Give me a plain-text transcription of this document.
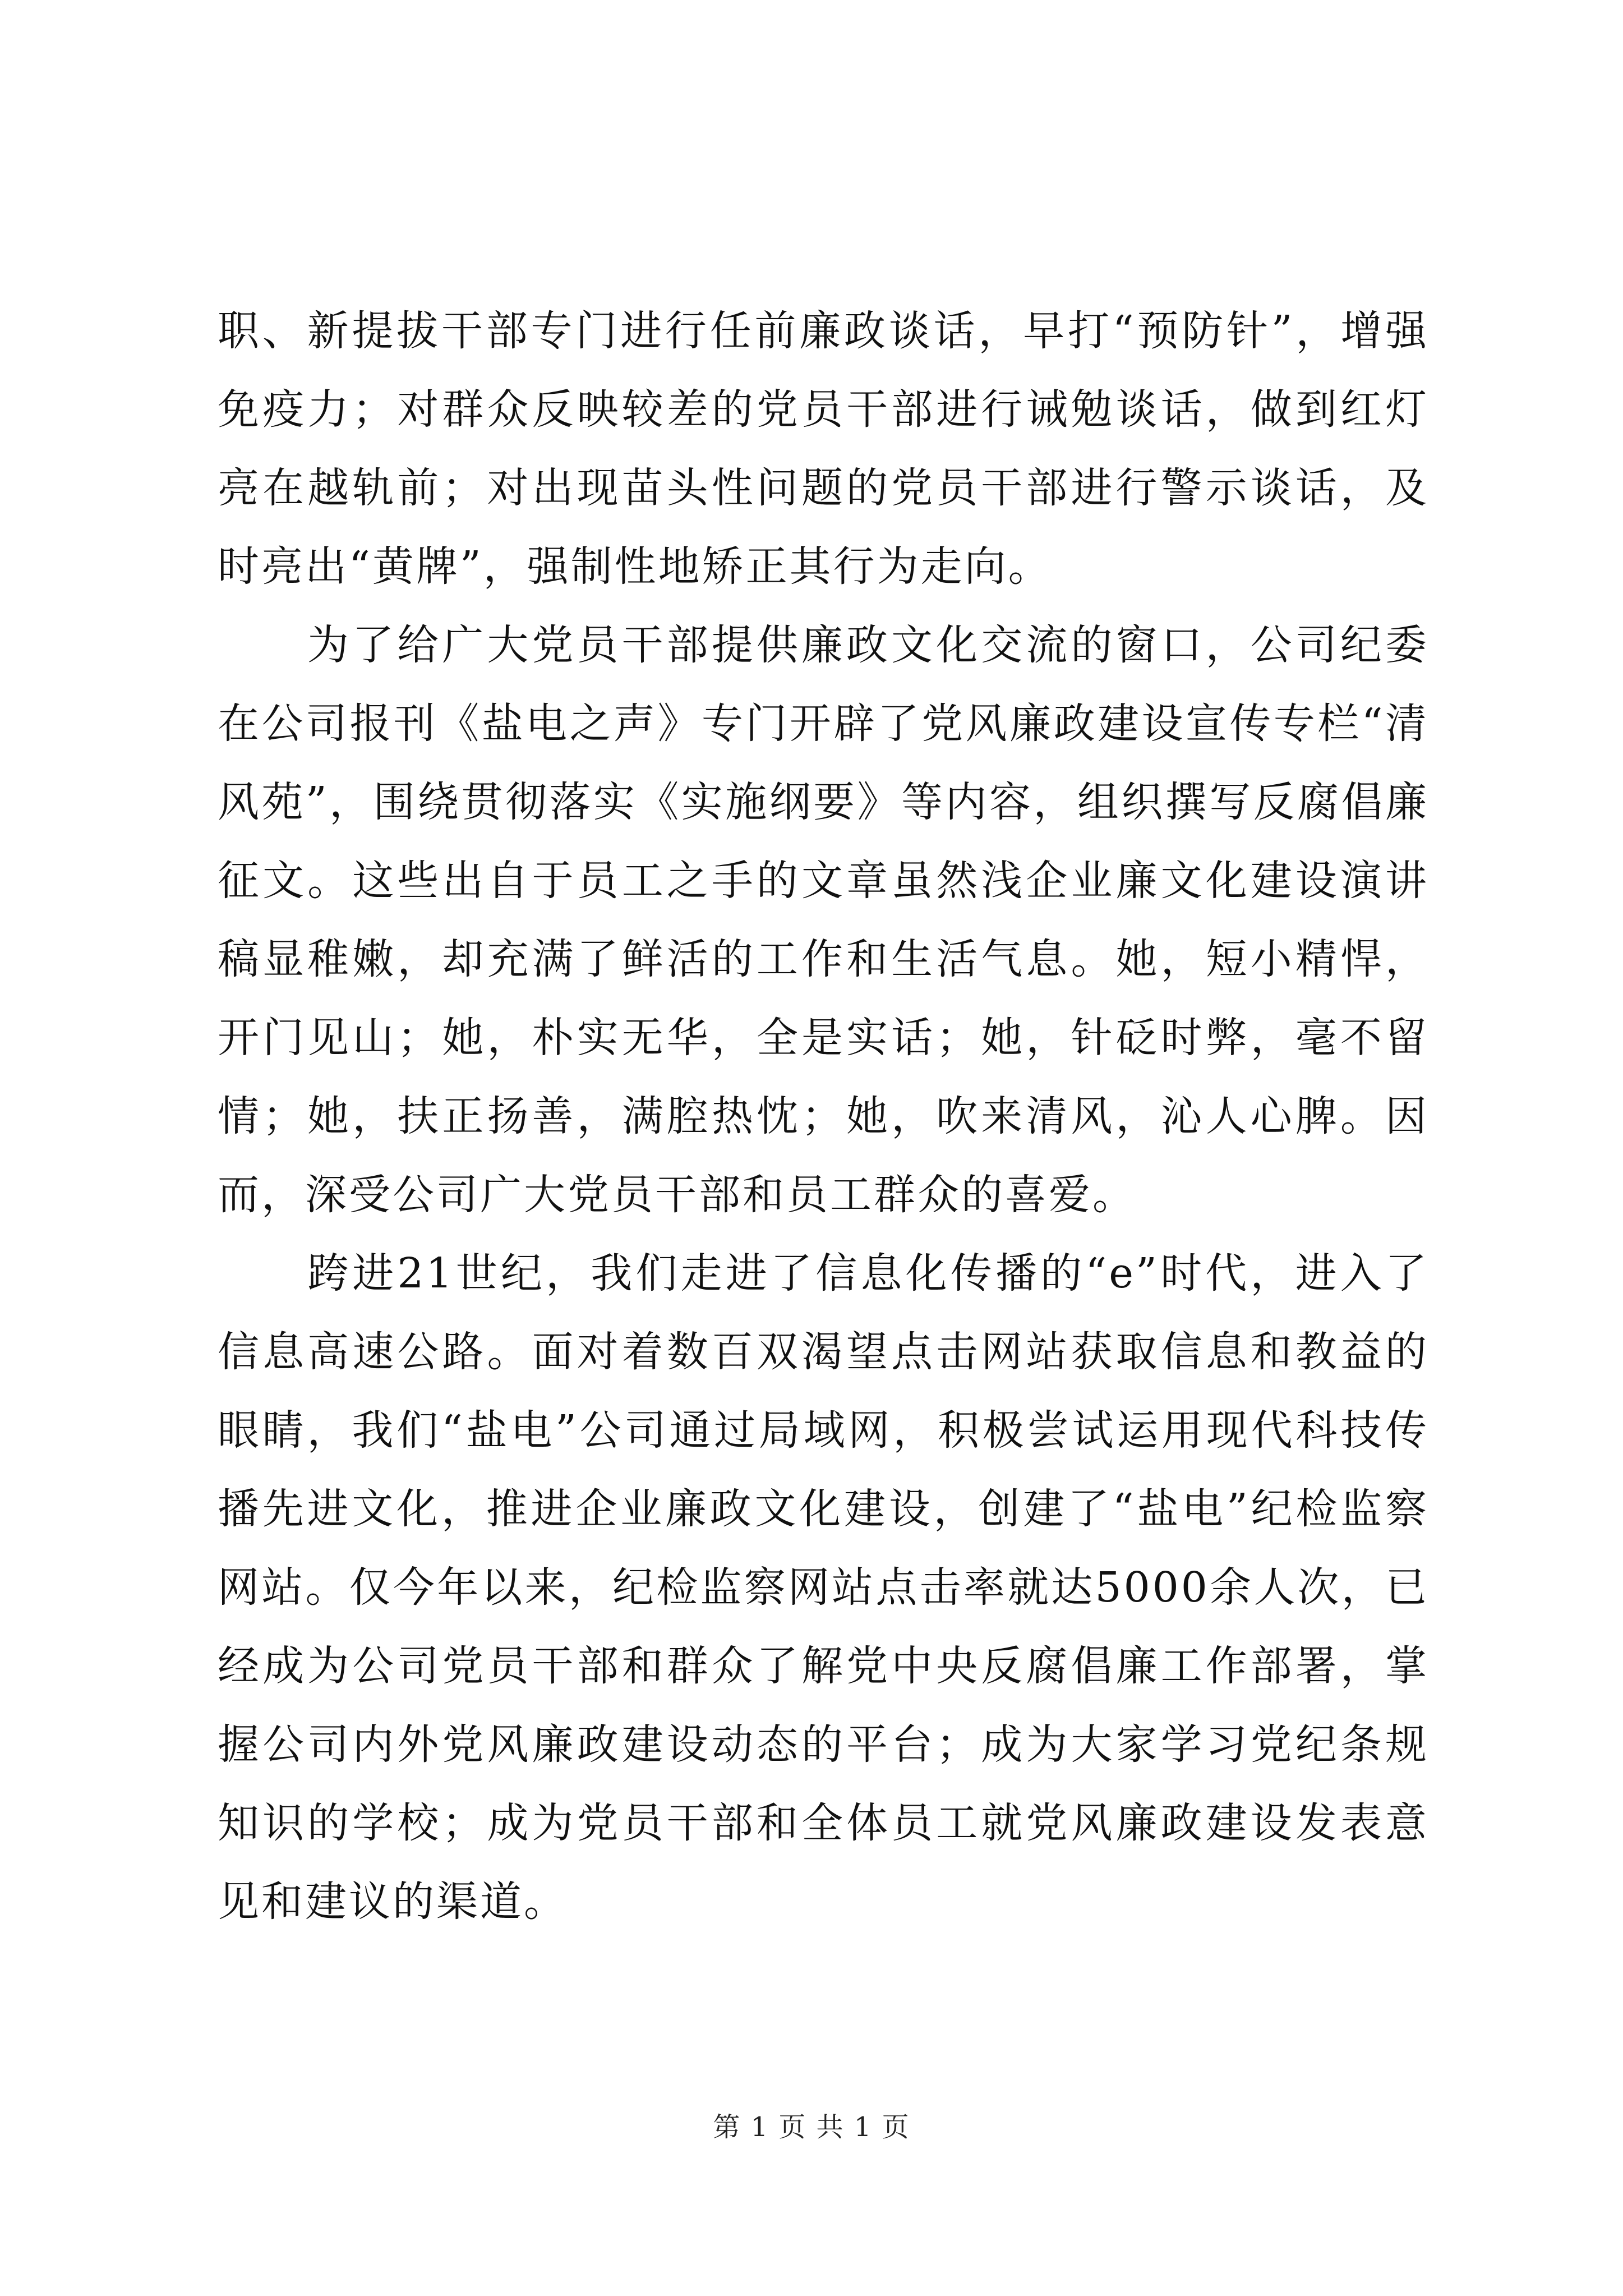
职、新提拔干部专门进行任前廉政谈话，早打“预防针”，增强免疫力；对群众反映较差的党员干部进行诫勉谈话，做到红灯亮在越轨前；对出现苗头性问题的党员干部进行警示谈话，及时亮出“黄牌”，强制性地矫正其行为走向。

为了给广大党员干部提供廉政文化交流的窗口，公司纪委在公司报刊《盐电之声》专门开辟了党风廉政建设宣传专栏“清风苑”，围绕贯彻落实《实施纲要》等内容，组织撰写反腐倡廉征文。这些出自于员工之手的文章虽然浅企业廉文化建设演讲稿显稚嫩，却充满了鲜活的工作和生活气息。她，短小精悍，开门见山；她，朴实无华，全是实话；她，针砭时弊，毫不留情；她，扶正扬善，满腔热忱；她，吹来清风，沁人心脾。因而，深受公司广大党员干部和员工群众的喜爱。

跨进21世纪，我们走进了信息化传播的“e”时代，进入了信息高速公路。面对着数百双渴望点击网站获取信息和教益的眼睛，我们“盐电”公司通过局域网，积极尝试运用现代科技传播先进文化，推进企业廉政文化建设，创建了“盐电”纪检监察网站。仅今年以来，纪检监察网站点击率就达5000余人次，已经成为公司党员干部和群众了解党中央反腐倡廉工作部署，掌握公司内外党风廉政建设动态的平台；成为大家学习党纪条规知识的学校；成为党员干部和全体员工就党风廉政建设发表意见和建议的渠道。

第 1 页 共 1 页
